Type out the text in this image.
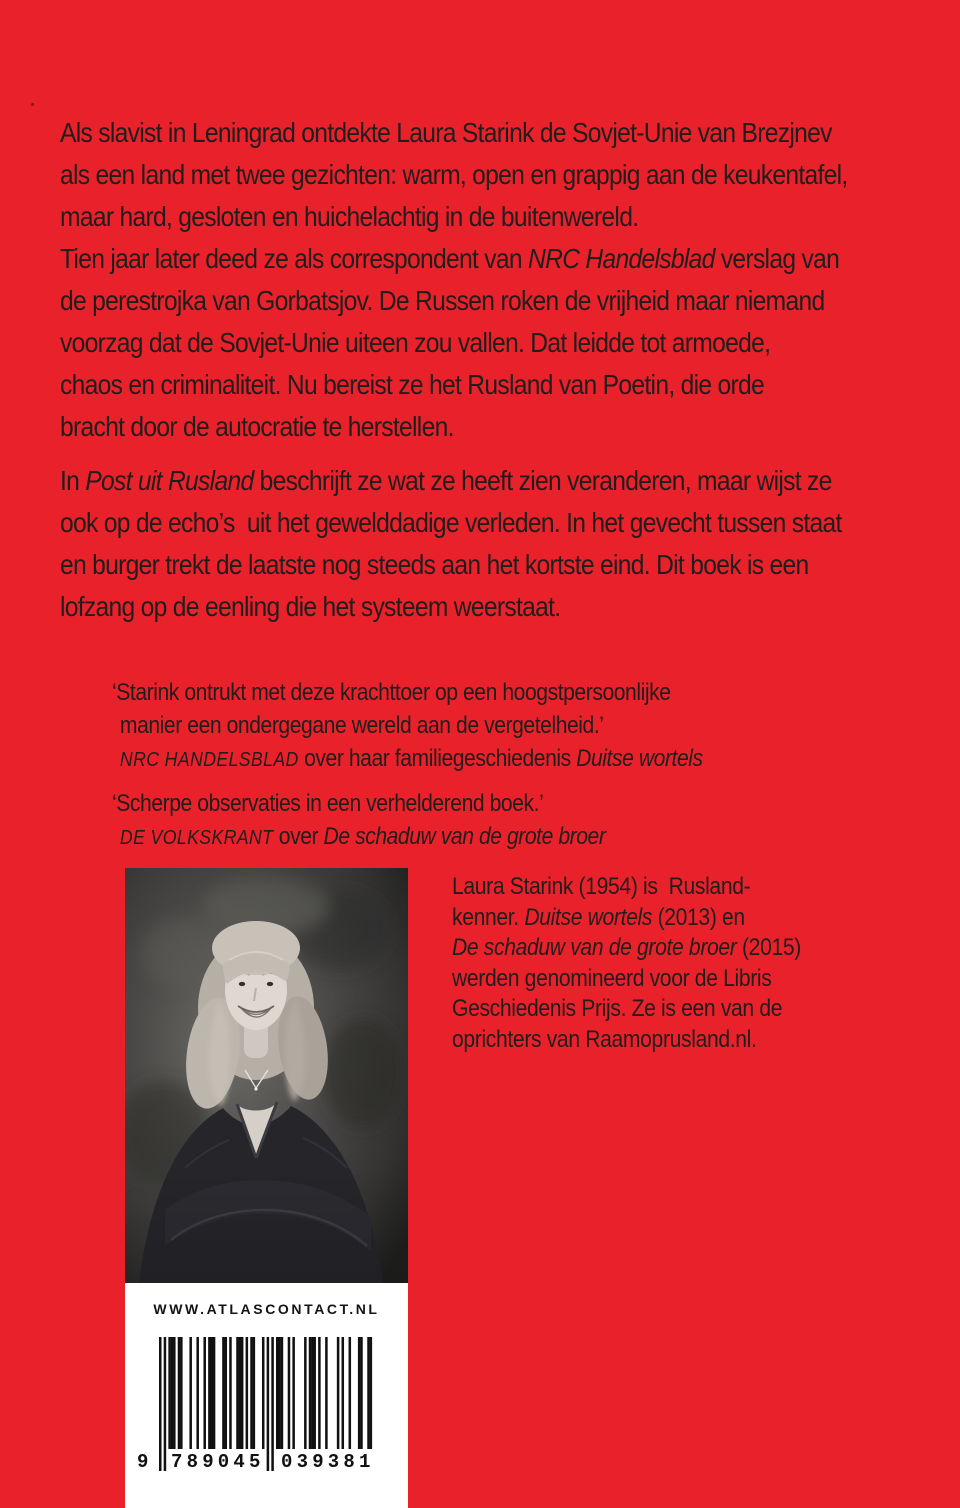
Als slavist in Leningrad ontdekte Laura Starink de Sovjet-Unie van Brezjnev
als een land met twee gezichten: warm, open en grappig aan de keukentafel,
maar hard, gesloten en huichelachtig in de buitenwereld.
Tien jaar later deed ze als correspondent van NRC Handelsblad verslag van
de perestrojka van Gorbatsjov. De Russen roken de vrijheid maar niemand
voorzag dat de Sovjet-Unie uiteen zou vallen. Dat leidde tot armoede,
chaos en criminaliteit. Nu bereist ze het Rusland van Poetin, die orde
bracht door de autocratie te herstellen.
In Post uit Rusland beschrijft ze wat ze heeft zien veranderen, maar wijst ze
ook op de echo’s  uit het gewelddadige verleden. In het gevecht tussen staat
en burger trekt de laatste nog steeds aan het kortste eind. Dit boek is een
lofzang op de eenling die het systeem weerstaat.
‘Starink ontrukt met deze krachttoer op een hoogstpersoonlijke
manier een ondergegane wereld aan de vergetelheid.’
NRC HANDELSBLAD over haar familiegeschiedenis Duitse wortels
‘Scherpe observaties in een verhelderend boek.’
DE VOLKSKRANT over De schaduw van de grote broer
Laura Starink (1954) is  Rusland-
kenner. Duitse wortels (2013) en
De schaduw van de grote broer (2015)
werden genomineerd voor de Libris
Geschiedenis Prijs. Ze is een van de
oprichters van Raamoprusland.nl.
WWW.ATLASCONTACT.NL
9 789045 039381
